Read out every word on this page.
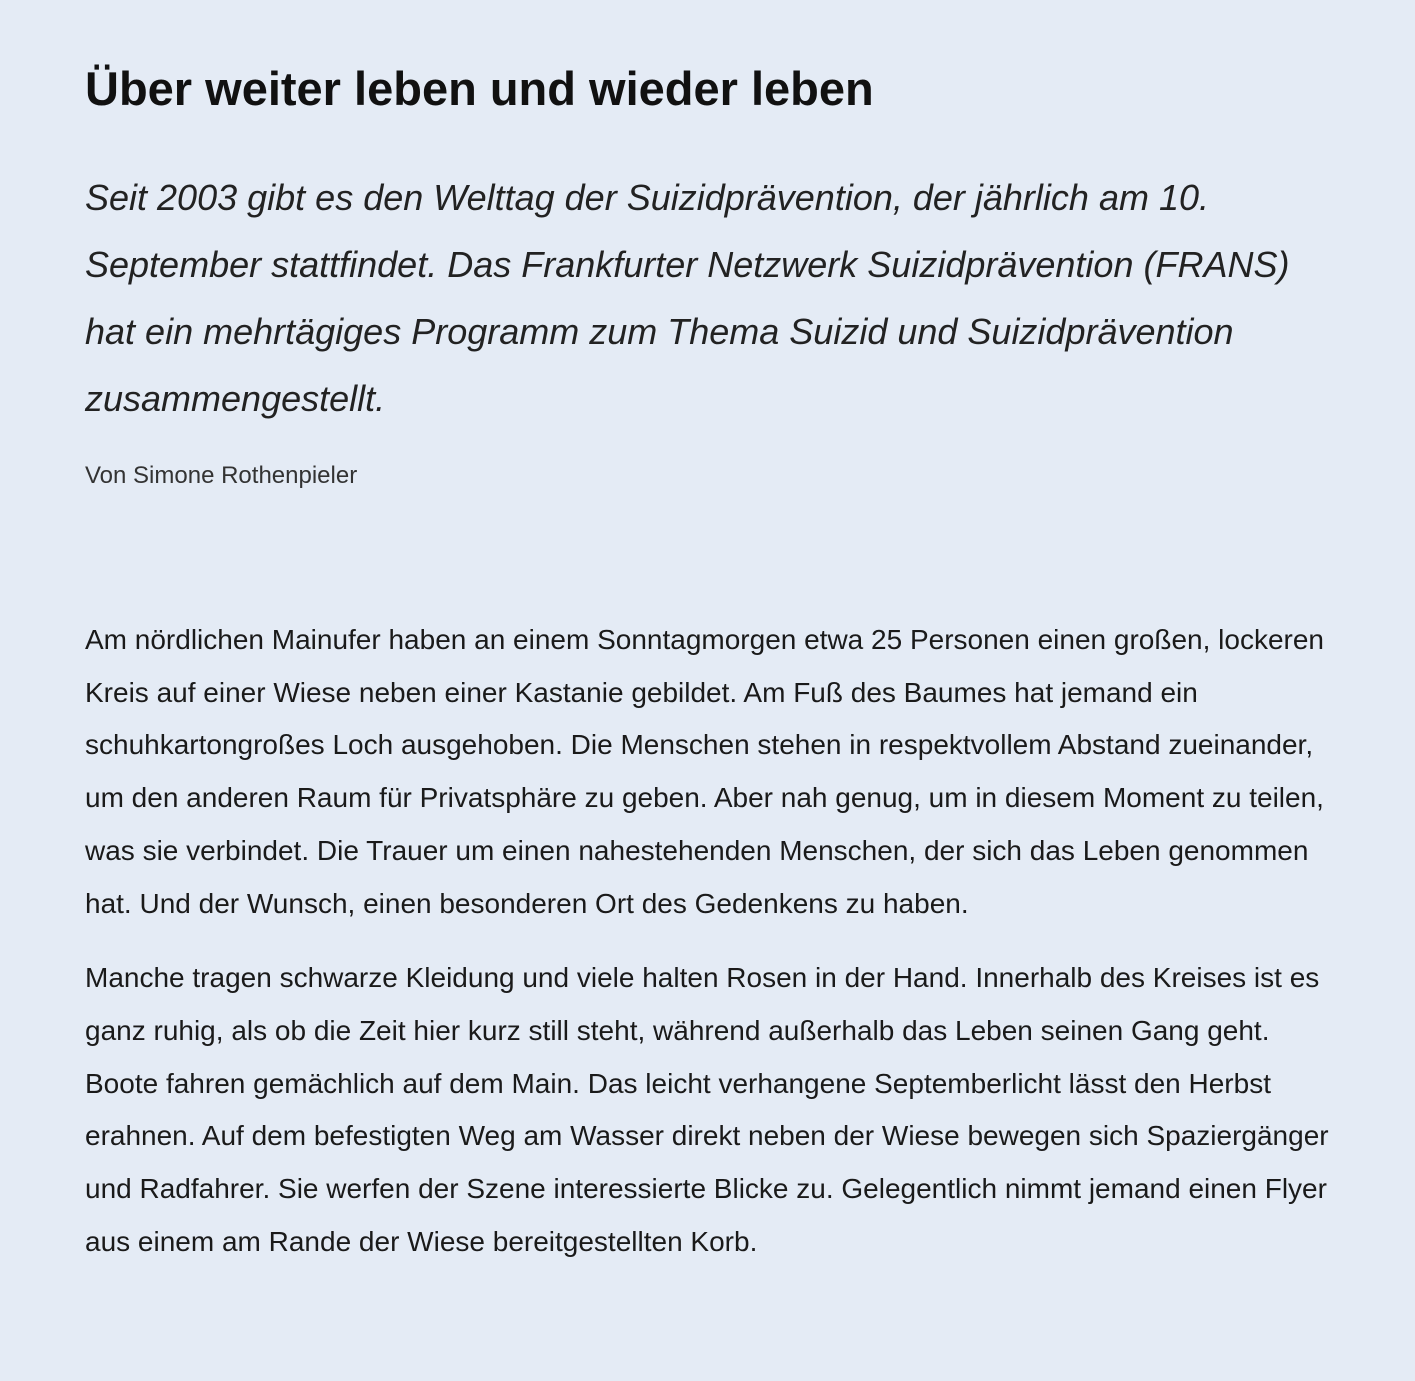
Über weiter leben und wieder leben

Seit 2003 gibt es den Welttag der Suizidprävention, der jährlich am 10. September stattfindet. Das Frankfurter Netzwerk Suizidprävention (FRANS) hat ein mehrtägiges Programm zum Thema Suizid und Suizidprävention zusammengestellt.

Von Simone Rothenpieler

Am nördlichen Mainufer haben an einem Sonntagmorgen etwa 25 Personen einen großen, lockeren Kreis auf einer Wiese neben einer Kastanie gebildet. Am Fuß des Baumes hat jemand ein schuhkartongroßes Loch ausgehoben. Die Menschen stehen in respektvollem Abstand zueinander, um den anderen Raum für Privatsphäre zu geben. Aber nah genug, um in diesem Moment zu teilen, was sie verbindet. Die Trauer um einen nahestehenden Menschen, der sich das Leben genommen hat. Und der Wunsch, einen besonderen Ort des Gedenkens zu haben.

Manche tragen schwarze Kleidung und viele halten Rosen in der Hand. Innerhalb des Kreises ist es ganz ruhig, als ob die Zeit hier kurz still steht, während außerhalb das Leben seinen Gang geht. Boote fahren gemächlich auf dem Main. Das leicht verhangene Septemberlicht lässt den Herbst erahnen. Auf dem befestigten Weg am Wasser direkt neben der Wiese bewegen sich Spaziergänger und Radfahrer. Sie werfen der Szene interessierte Blicke zu. Gelegentlich nimmt jemand einen Flyer aus einem am Rande der Wiese bereitgestellten Korb.
